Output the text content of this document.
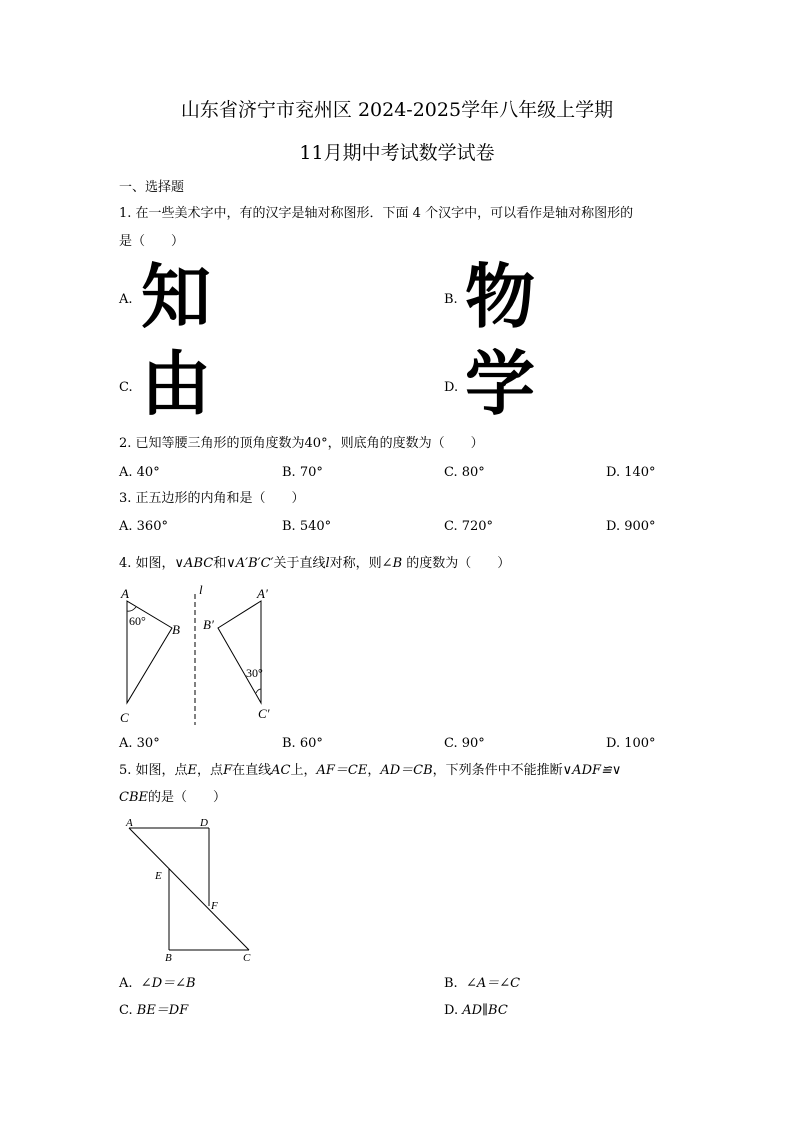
山东省济宁市兖州区 2024-2025学年八年级上学期
11月期中考试数学试卷
一、选择题
1. 在一些美术字中，有的汉字是轴对称图形．下面 4 个汉字中，可以看作是轴对称图形的
是（　　）
A. 知	B. 物
C. 由	D. 学
2. 已知等腰三角形的顶角度数为40°，则底角的度数为（　　）
A. 40°	B. 70°	C. 80°	D. 140°
3. 正五边形的内角和是（　　）
A. 360°	B. 540°	C. 720°	D. 900°
4. 如图，∨ABC和∨A′B′C′关于直线l对称，则∠B 的度数为（　　）
A
60°
B
C
l	A′
B′
30°
C′
A. 30°	B. 60°	C. 90°	D. 100°
5. 如图，点E，点F在直线AC上，AF＝CE，AD＝CB，下列条件中不能推断∨ADF≌∨
CBE的是（　　）
A	D
E
F
B	C
A. ∠D＝∠B	B. ∠A＝∠C
C. BE＝DF	D. AD∥BC
